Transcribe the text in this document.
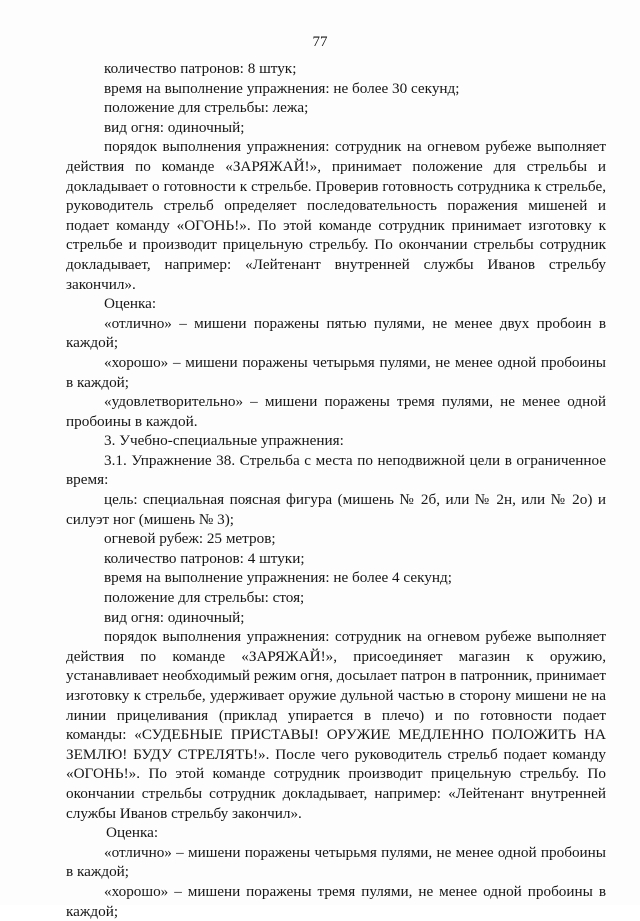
77

количество патронов: 8 штук;

время на выполнение упражнения: не более 30 секунд;

положение для стрельбы: лежа;

вид огня: одиночный;

порядок выполнения упражнения: сотрудник на огневом рубеже выполняет действия по команде «ЗАРЯЖАЙ!», принимает положение для стрельбы и докладывает о готовности к стрельбе. Проверив готовность сотрудника к стрельбе, руководитель стрельб определяет последовательность поражения мишеней и подает команду «ОГОНЬ!». По этой команде сотрудник принимает изготовку к стрельбе и производит прицельную стрельбу. По окончании стрельбы сотрудник докладывает, например: «Лейтенант внутренней службы Иванов стрельбу закончил».

Оценка:

«отлично» – мишени поражены пятью пулями, не менее двух пробоин в каждой;

«хорошо» – мишени поражены четырьмя пулями, не менее одной пробоины в каждой;

«удовлетворительно» – мишени поражены тремя пулями, не менее одной пробоины в каждой.

3. Учебно-специальные упражнения:

3.1. Упражнение 38. Стрельба с места по неподвижной цели в ограниченное время:

цель: специальная поясная фигура (мишень № 2б, или № 2н, или № 2о) и силуэт ног (мишень № 3);

огневой рубеж: 25 метров;

количество патронов: 4 штуки;

время на выполнение упражнения: не более 4 секунд;

положение для стрельбы: стоя;

вид огня: одиночный;

порядок выполнения упражнения: сотрудник на огневом рубеже выполняет действия по команде «ЗАРЯЖАЙ!», присоединяет магазин к оружию, устанавливает необходимый режим огня, досылает патрон в патронник, принимает изготовку к стрельбе, удерживает оружие дульной частью в сторону мишени не на линии прицеливания (приклад упирается в плечо) и по готовности подает команды: «СУДЕБНЫЕ ПРИСТАВЫ! ОРУЖИЕ МЕДЛЕННО ПОЛОЖИТЬ НА ЗЕМЛЮ! БУДУ СТРЕЛЯТЬ!». После чего руководитель стрельб подает команду «ОГОНЬ!». По этой команде сотрудник производит прицельную стрельбу. По окончании стрельбы сотрудник докладывает, например: «Лейтенант внутренней службы Иванов стрельбу закончил».

Оценка:

«отлично» – мишени поражены четырьмя пулями, не менее одной пробоины в каждой;

«хорошо» – мишени поражены тремя пулями, не менее одной пробоины в каждой;
